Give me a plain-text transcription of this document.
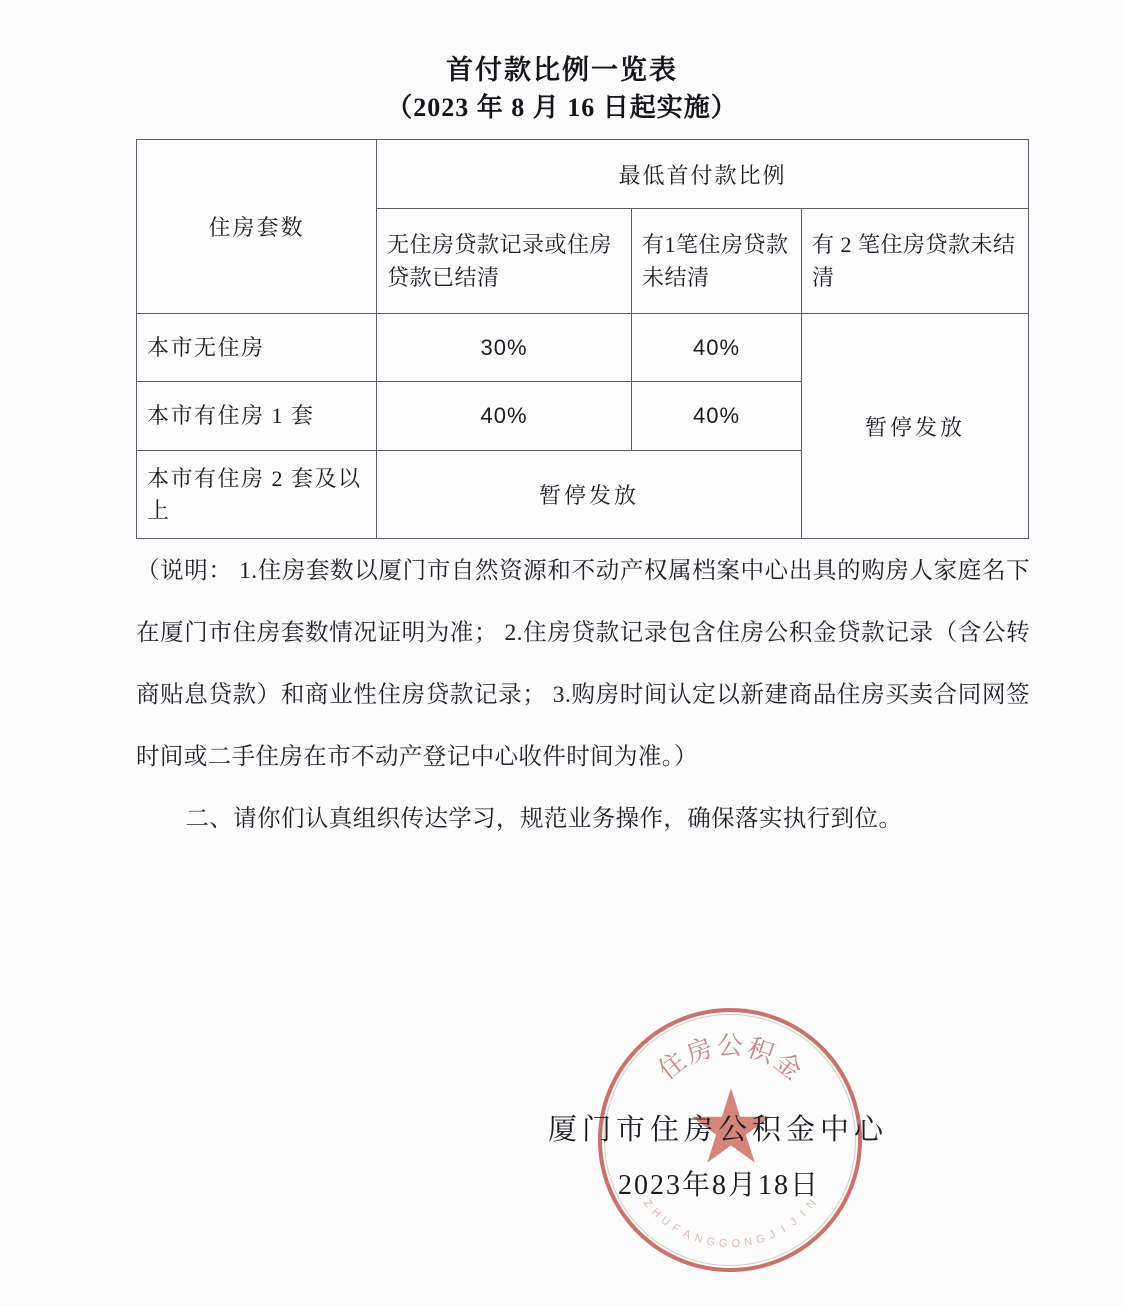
首付款比例一览表
（2023 年 8 月 16 日起实施）
住房套数	最低首付款比例		
	无住房贷款记录或住房贷款已结清	有1笔住房贷款未结清	有 2 笔住房贷款未结清
本市无住房	30%	40%	暂停发放
本市有住房 1 套	40%	40%	
本市有住房 2 套及以上	暂停发放		

（说明： 1.住房套数以厦门市自然资源和不动产权属档案中心出具的购房人家庭名下在厦门市住房套数情况证明为准； 2.住房贷款记录包含住房公积金贷款记录（含公转商贴息贷款）和商业性住房贷款记录； 3.购房时间认定以新建商品住房买卖合同网签时间或二手住房在市不动产登记中心收件时间为准。）

二、请你们认真组织传达学习，规范业务操作，确保落实执行到位。

住
房 公 积
金
Z
H
U
F
A N G G O N G J I
J
I
N
厦门市住房公积金中心
2023年8月18日
